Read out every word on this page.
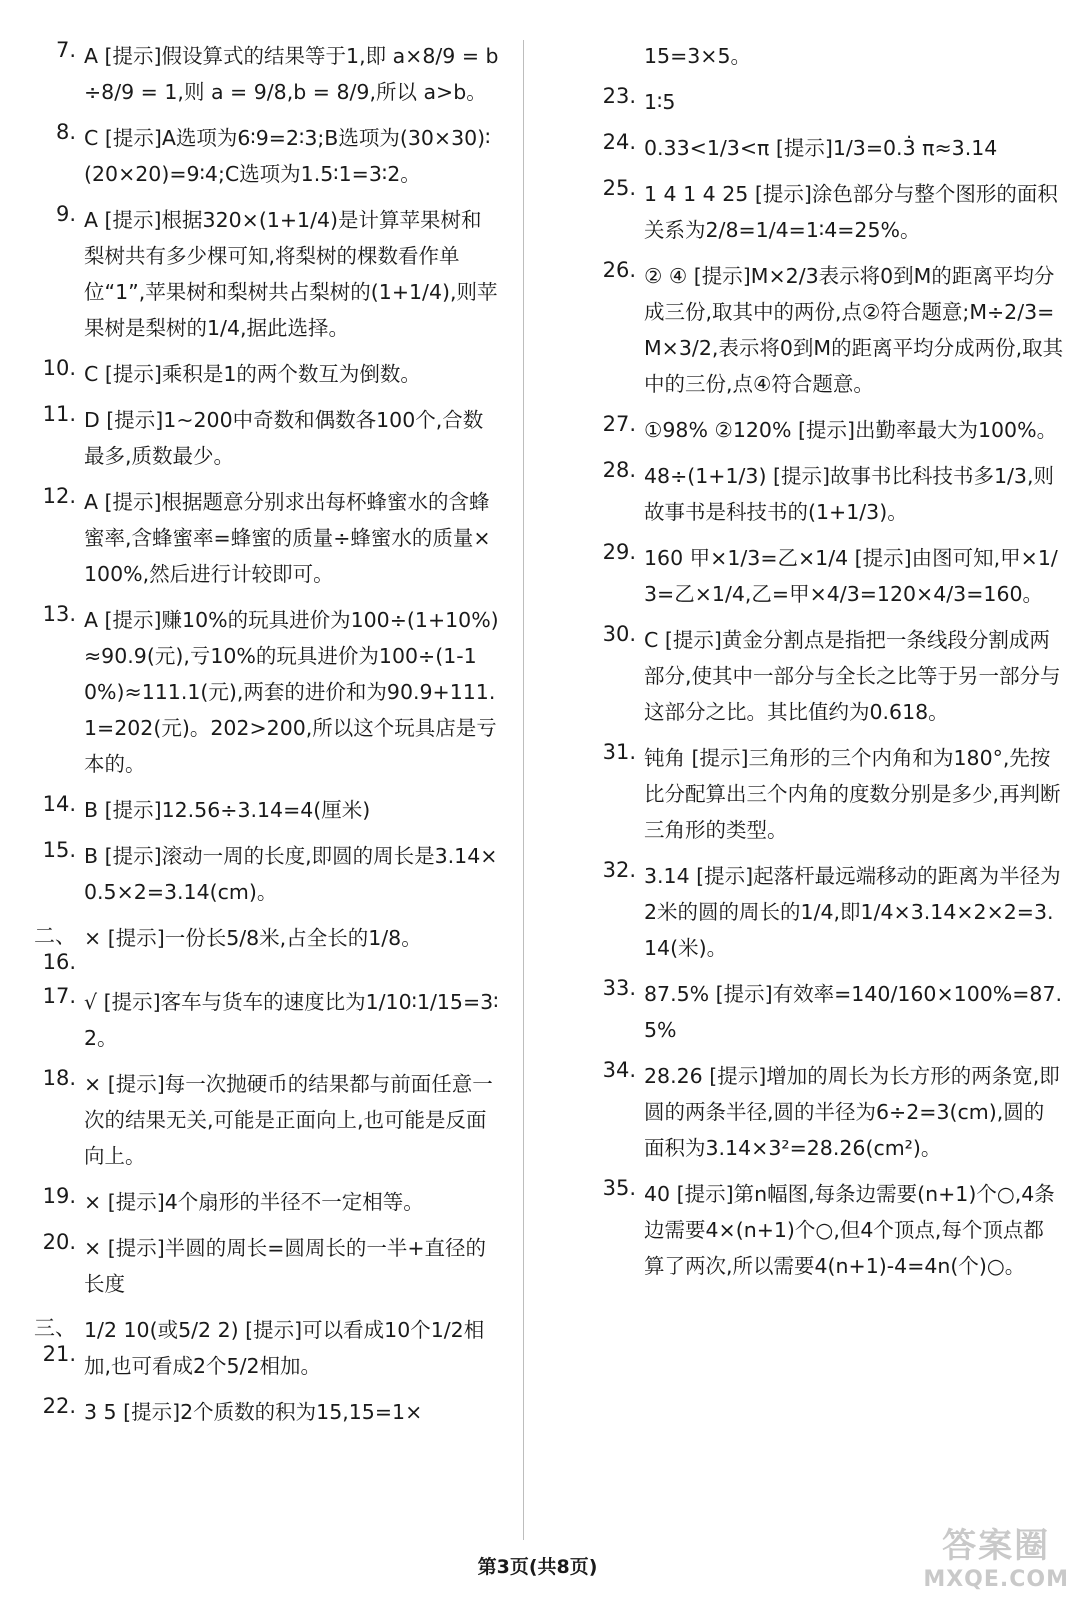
7. A [提示]假设算式的结果等于1,即 a×8/9 = b÷8/9 = 1,则 a = 9/8,b = 8/9,所以 a>b。
8. C [提示]A选项为6∶9=2∶3;B选项为(30×30)∶(20×20)=9∶4;C选项为1.5∶1=3∶2。
9. A [提示]根据320×(1+1/4)是计算苹果树和梨树共有多少棵可知,将梨树的棵数看作单位“1”,苹果树和梨树共占梨树的(1+1/4),则苹果树是梨树的1/4,据此选择。
10. C [提示]乘积是1的两个数互为倒数。
11. D [提示]1~200中奇数和偶数各100个,合数最多,质数最少。
12. A [提示]根据题意分别求出每杯蜂蜜水的含蜂蜜率,含蜂蜜率=蜂蜜的质量÷蜂蜜水的质量×100%,然后进行计较即可。
13. A [提示]赚10%的玩具进价为100÷(1+10%)≈90.9(元),亏10%的玩具进价为100÷(1-10%)≈111.1(元),两套的进价和为90.9+111.1=202(元)。202>200,所以这个玩具店是亏本的。
14. B [提示]12.56÷3.14=4(厘米)
15. B [提示]滚动一周的长度,即圆的周长是3.14×0.5×2=3.14(cm)。
二、16.
× [提示]一份长5/8米,占全长的1/8。
17. √ [提示]客车与货车的速度比为1/10∶1/15=3∶2。
18. × [提示]每一次抛硬币的结果都与前面任意一次的结果无关,可能是正面向上,也可能是反面向上。
19. × [提示]4个扇形的半径不一定相等。
20. × [提示]半圆的周长=圆周长的一半+直径的长度
三、21.
1/2 10(或5/2 2) [提示]可以看成10个1/2相加,也可看成2个5/2相加。
22. 3 5 [提示]2个质数的积为15,15=1×
15=3×5。
23. 1∶5
24. 0.33<1/3<π [提示]1/3=0.3̇ π≈3.14
25. 1 4 1 4 25 [提示]涂色部分与整个图形的面积关系为2/8=1/4=1∶4=25%。
26. ② ④ [提示]M×2/3表示将0到M的距离平均分成三份,取其中的两份,点②符合题意;M÷2/3=M×3/2,表示将0到M的距离平均分成两份,取其中的三份,点④符合题意。
27. ①98% ②120% [提示]出勤率最大为100%。
28. 48÷(1+1/3) [提示]故事书比科技书多1/3,则故事书是科技书的(1+1/3)。
29. 160 甲×1/3=乙×1/4 [提示]由图可知,甲×1/3=乙×1/4,乙=甲×4/3=120×4/3=160。
30. C [提示]黄金分割点是指把一条线段分割成两部分,使其中一部分与全长之比等于另一部分与这部分之比。其比值约为0.618。
31. 钝角 [提示]三角形的三个内角和为180°,先按比分配算出三个内角的度数分别是多少,再判断三角形的类型。
32. 3.14 [提示]起落杆最远端移动的距离为半径为2米的圆的周长的1/4,即1/4×3.14×2×2=3.14(米)。
33. 87.5% [提示]有效率=140/160×100%=87.5%
34. 28.26 [提示]增加的周长为长方形的两条宽,即圆的两条半径,圆的半径为6÷2=3(cm),圆的面积为3.14×3²=28.26(cm²)。
35. 40 [提示]第n幅图,每条边需要(n+1)个○,4条边需要4×(n+1)个○,但4个顶点,每个顶点都算了两次,所以需要4(n+1)-4=4n(个)○。
第3页(共8页)
答案圈
MXQE.COM
